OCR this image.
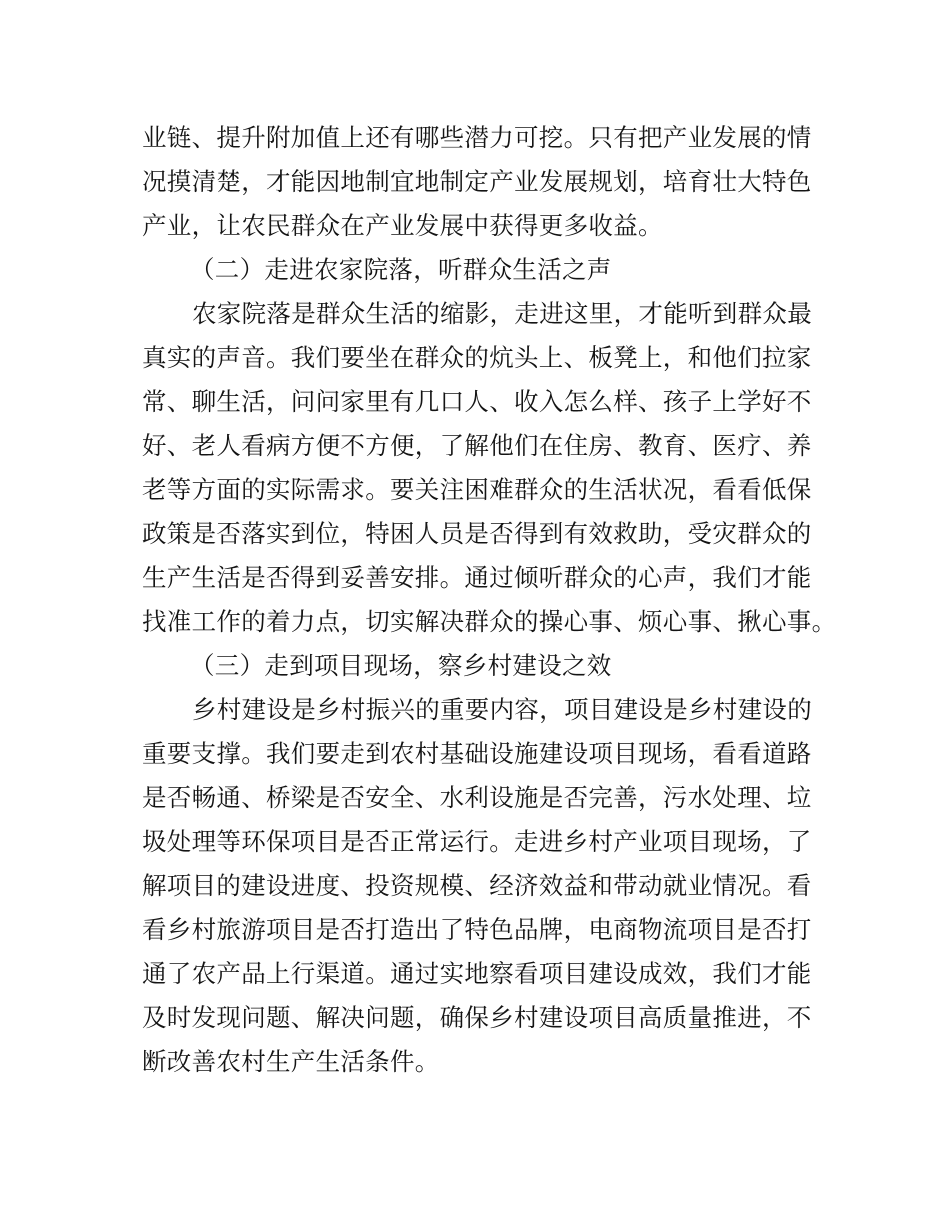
业链、提升附加值上还有哪些潜力可挖。只有把产业发展的情
况摸清楚，才能因地制宜地制定产业发展规划，培育壮大特色
产业，让农民群众在产业发展中获得更多收益。
（二）走进农家院落，听群众生活之声
农家院落是群众生活的缩影，走进这里，才能听到群众最
真实的声音。我们要坐在群众的炕头上、板凳上，和他们拉家
常、聊生活，问问家里有几口人、收入怎么样、孩子上学好不
好、老人看病方便不方便，了解他们在住房、教育、医疗、养
老等方面的实际需求。要关注困难群众的生活状况，看看低保
政策是否落实到位，特困人员是否得到有效救助，受灾群众的
生产生活是否得到妥善安排。通过倾听群众的心声，我们才能
找准工作的着力点，切实解决群众的操心事、烦心事、揪心事。
（三）走到项目现场，察乡村建设之效
乡村建设是乡村振兴的重要内容，项目建设是乡村建设的
重要支撑。我们要走到农村基础设施建设项目现场，看看道路
是否畅通、桥梁是否安全、水利设施是否完善，污水处理、垃
圾处理等环保项目是否正常运行。走进乡村产业项目现场，了
解项目的建设进度、投资规模、经济效益和带动就业情况。看
看乡村旅游项目是否打造出了特色品牌，电商物流项目是否打
通了农产品上行渠道。通过实地察看项目建设成效，我们才能
及时发现问题、解决问题，确保乡村建设项目高质量推进，不
断改善农村生产生活条件。
